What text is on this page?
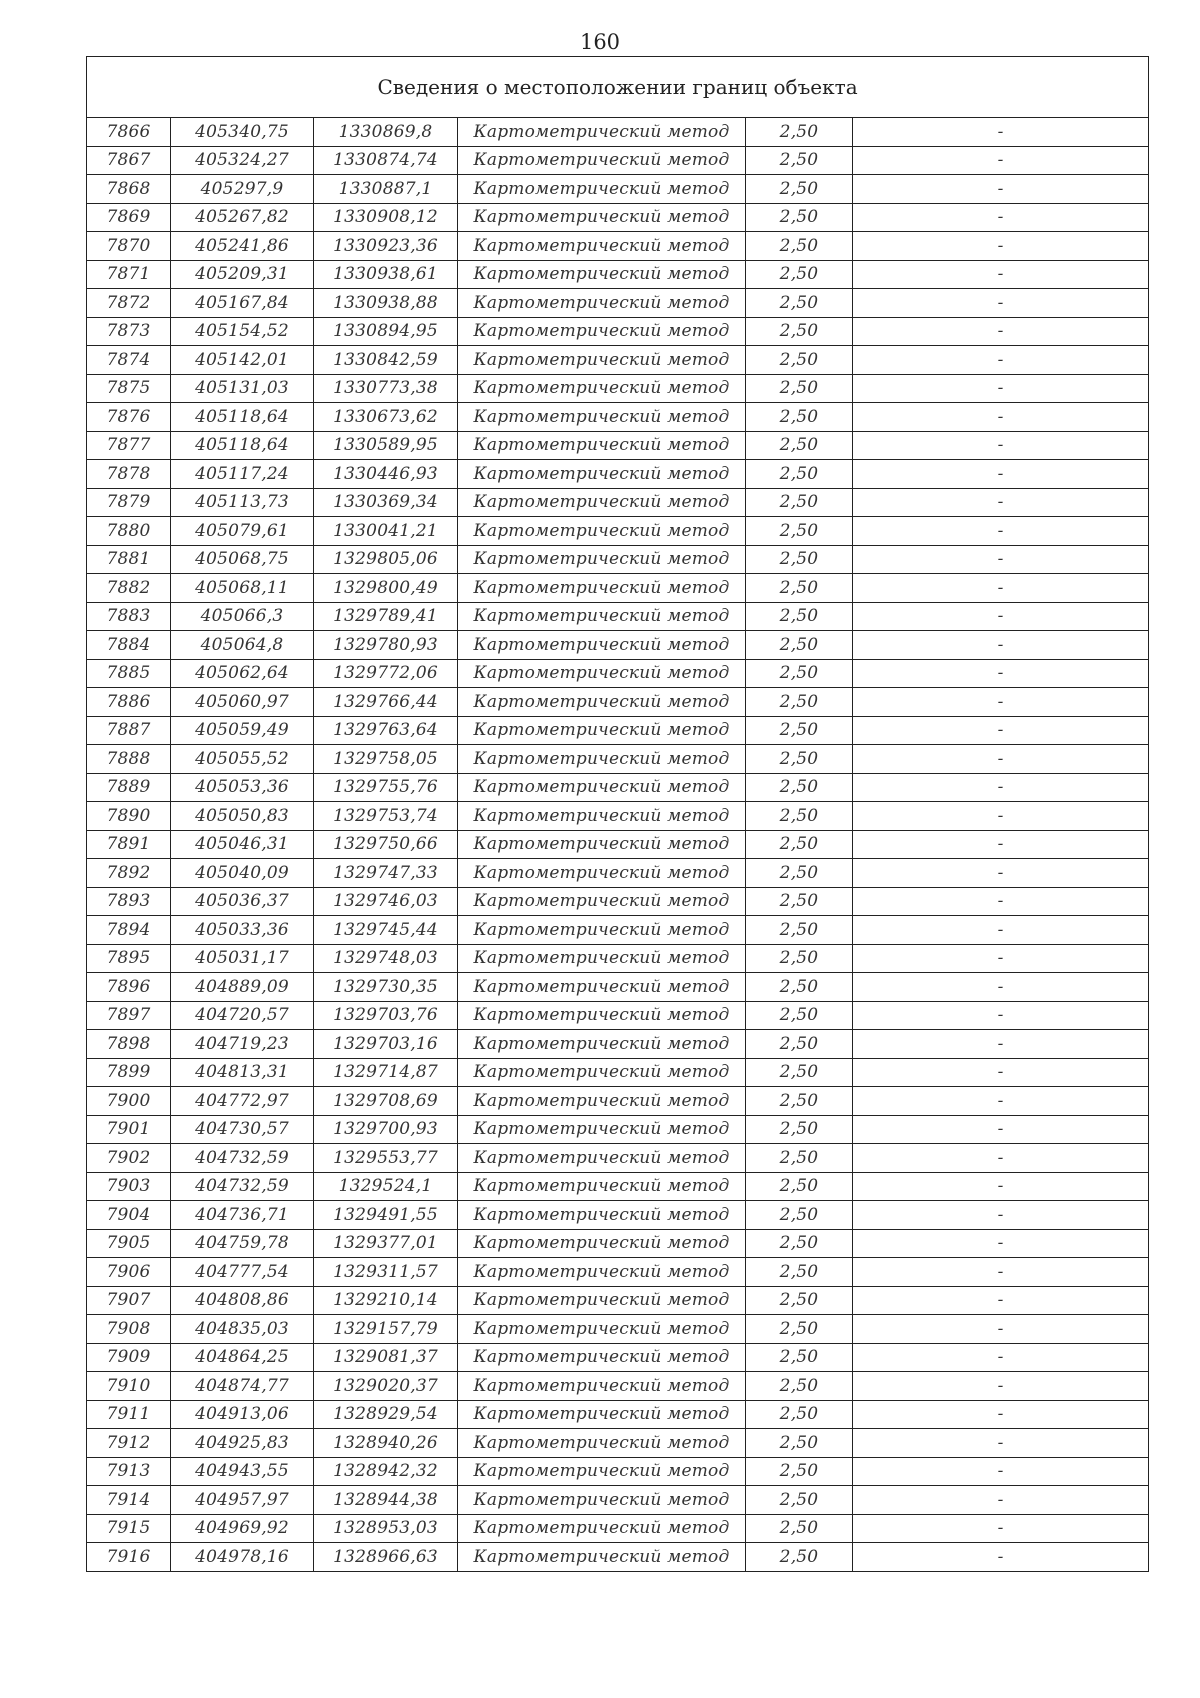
160
Сведения о местоположении границ объекта					
7866	405340,75	1330869,8	Картометрический метод	2,50	-
7867	405324,27	1330874,74	Картометрический метод	2,50	-
7868	405297,9	1330887,1	Картометрический метод	2,50	-
7869	405267,82	1330908,12	Картометрический метод	2,50	-
7870	405241,86	1330923,36	Картометрический метод	2,50	-
7871	405209,31	1330938,61	Картометрический метод	2,50	-
7872	405167,84	1330938,88	Картометрический метод	2,50	-
7873	405154,52	1330894,95	Картометрический метод	2,50	-
7874	405142,01	1330842,59	Картометрический метод	2,50	-
7875	405131,03	1330773,38	Картометрический метод	2,50	-
7876	405118,64	1330673,62	Картометрический метод	2,50	-
7877	405118,64	1330589,95	Картометрический метод	2,50	-
7878	405117,24	1330446,93	Картометрический метод	2,50	-
7879	405113,73	1330369,34	Картометрический метод	2,50	-
7880	405079,61	1330041,21	Картометрический метод	2,50	-
7881	405068,75	1329805,06	Картометрический метод	2,50	-
7882	405068,11	1329800,49	Картометрический метод	2,50	-
7883	405066,3	1329789,41	Картометрический метод	2,50	-
7884	405064,8	1329780,93	Картометрический метод	2,50	-
7885	405062,64	1329772,06	Картометрический метод	2,50	-
7886	405060,97	1329766,44	Картометрический метод	2,50	-
7887	405059,49	1329763,64	Картометрический метод	2,50	-
7888	405055,52	1329758,05	Картометрический метод	2,50	-
7889	405053,36	1329755,76	Картометрический метод	2,50	-
7890	405050,83	1329753,74	Картометрический метод	2,50	-
7891	405046,31	1329750,66	Картометрический метод	2,50	-
7892	405040,09	1329747,33	Картометрический метод	2,50	-
7893	405036,37	1329746,03	Картометрический метод	2,50	-
7894	405033,36	1329745,44	Картометрический метод	2,50	-
7895	405031,17	1329748,03	Картометрический метод	2,50	-
7896	404889,09	1329730,35	Картометрический метод	2,50	-
7897	404720,57	1329703,76	Картометрический метод	2,50	-
7898	404719,23	1329703,16	Картометрический метод	2,50	-
7899	404813,31	1329714,87	Картометрический метод	2,50	-
7900	404772,97	1329708,69	Картометрический метод	2,50	-
7901	404730,57	1329700,93	Картометрический метод	2,50	-
7902	404732,59	1329553,77	Картометрический метод	2,50	-
7903	404732,59	1329524,1	Картометрический метод	2,50	-
7904	404736,71	1329491,55	Картометрический метод	2,50	-
7905	404759,78	1329377,01	Картометрический метод	2,50	-
7906	404777,54	1329311,57	Картометрический метод	2,50	-
7907	404808,86	1329210,14	Картометрический метод	2,50	-
7908	404835,03	1329157,79	Картометрический метод	2,50	-
7909	404864,25	1329081,37	Картометрический метод	2,50	-
7910	404874,77	1329020,37	Картометрический метод	2,50	-
7911	404913,06	1328929,54	Картометрический метод	2,50	-
7912	404925,83	1328940,26	Картометрический метод	2,50	-
7913	404943,55	1328942,32	Картометрический метод	2,50	-
7914	404957,97	1328944,38	Картометрический метод	2,50	-
7915	404969,92	1328953,03	Картометрический метод	2,50	-
7916	404978,16	1328966,63	Картометрический метод	2,50	-
